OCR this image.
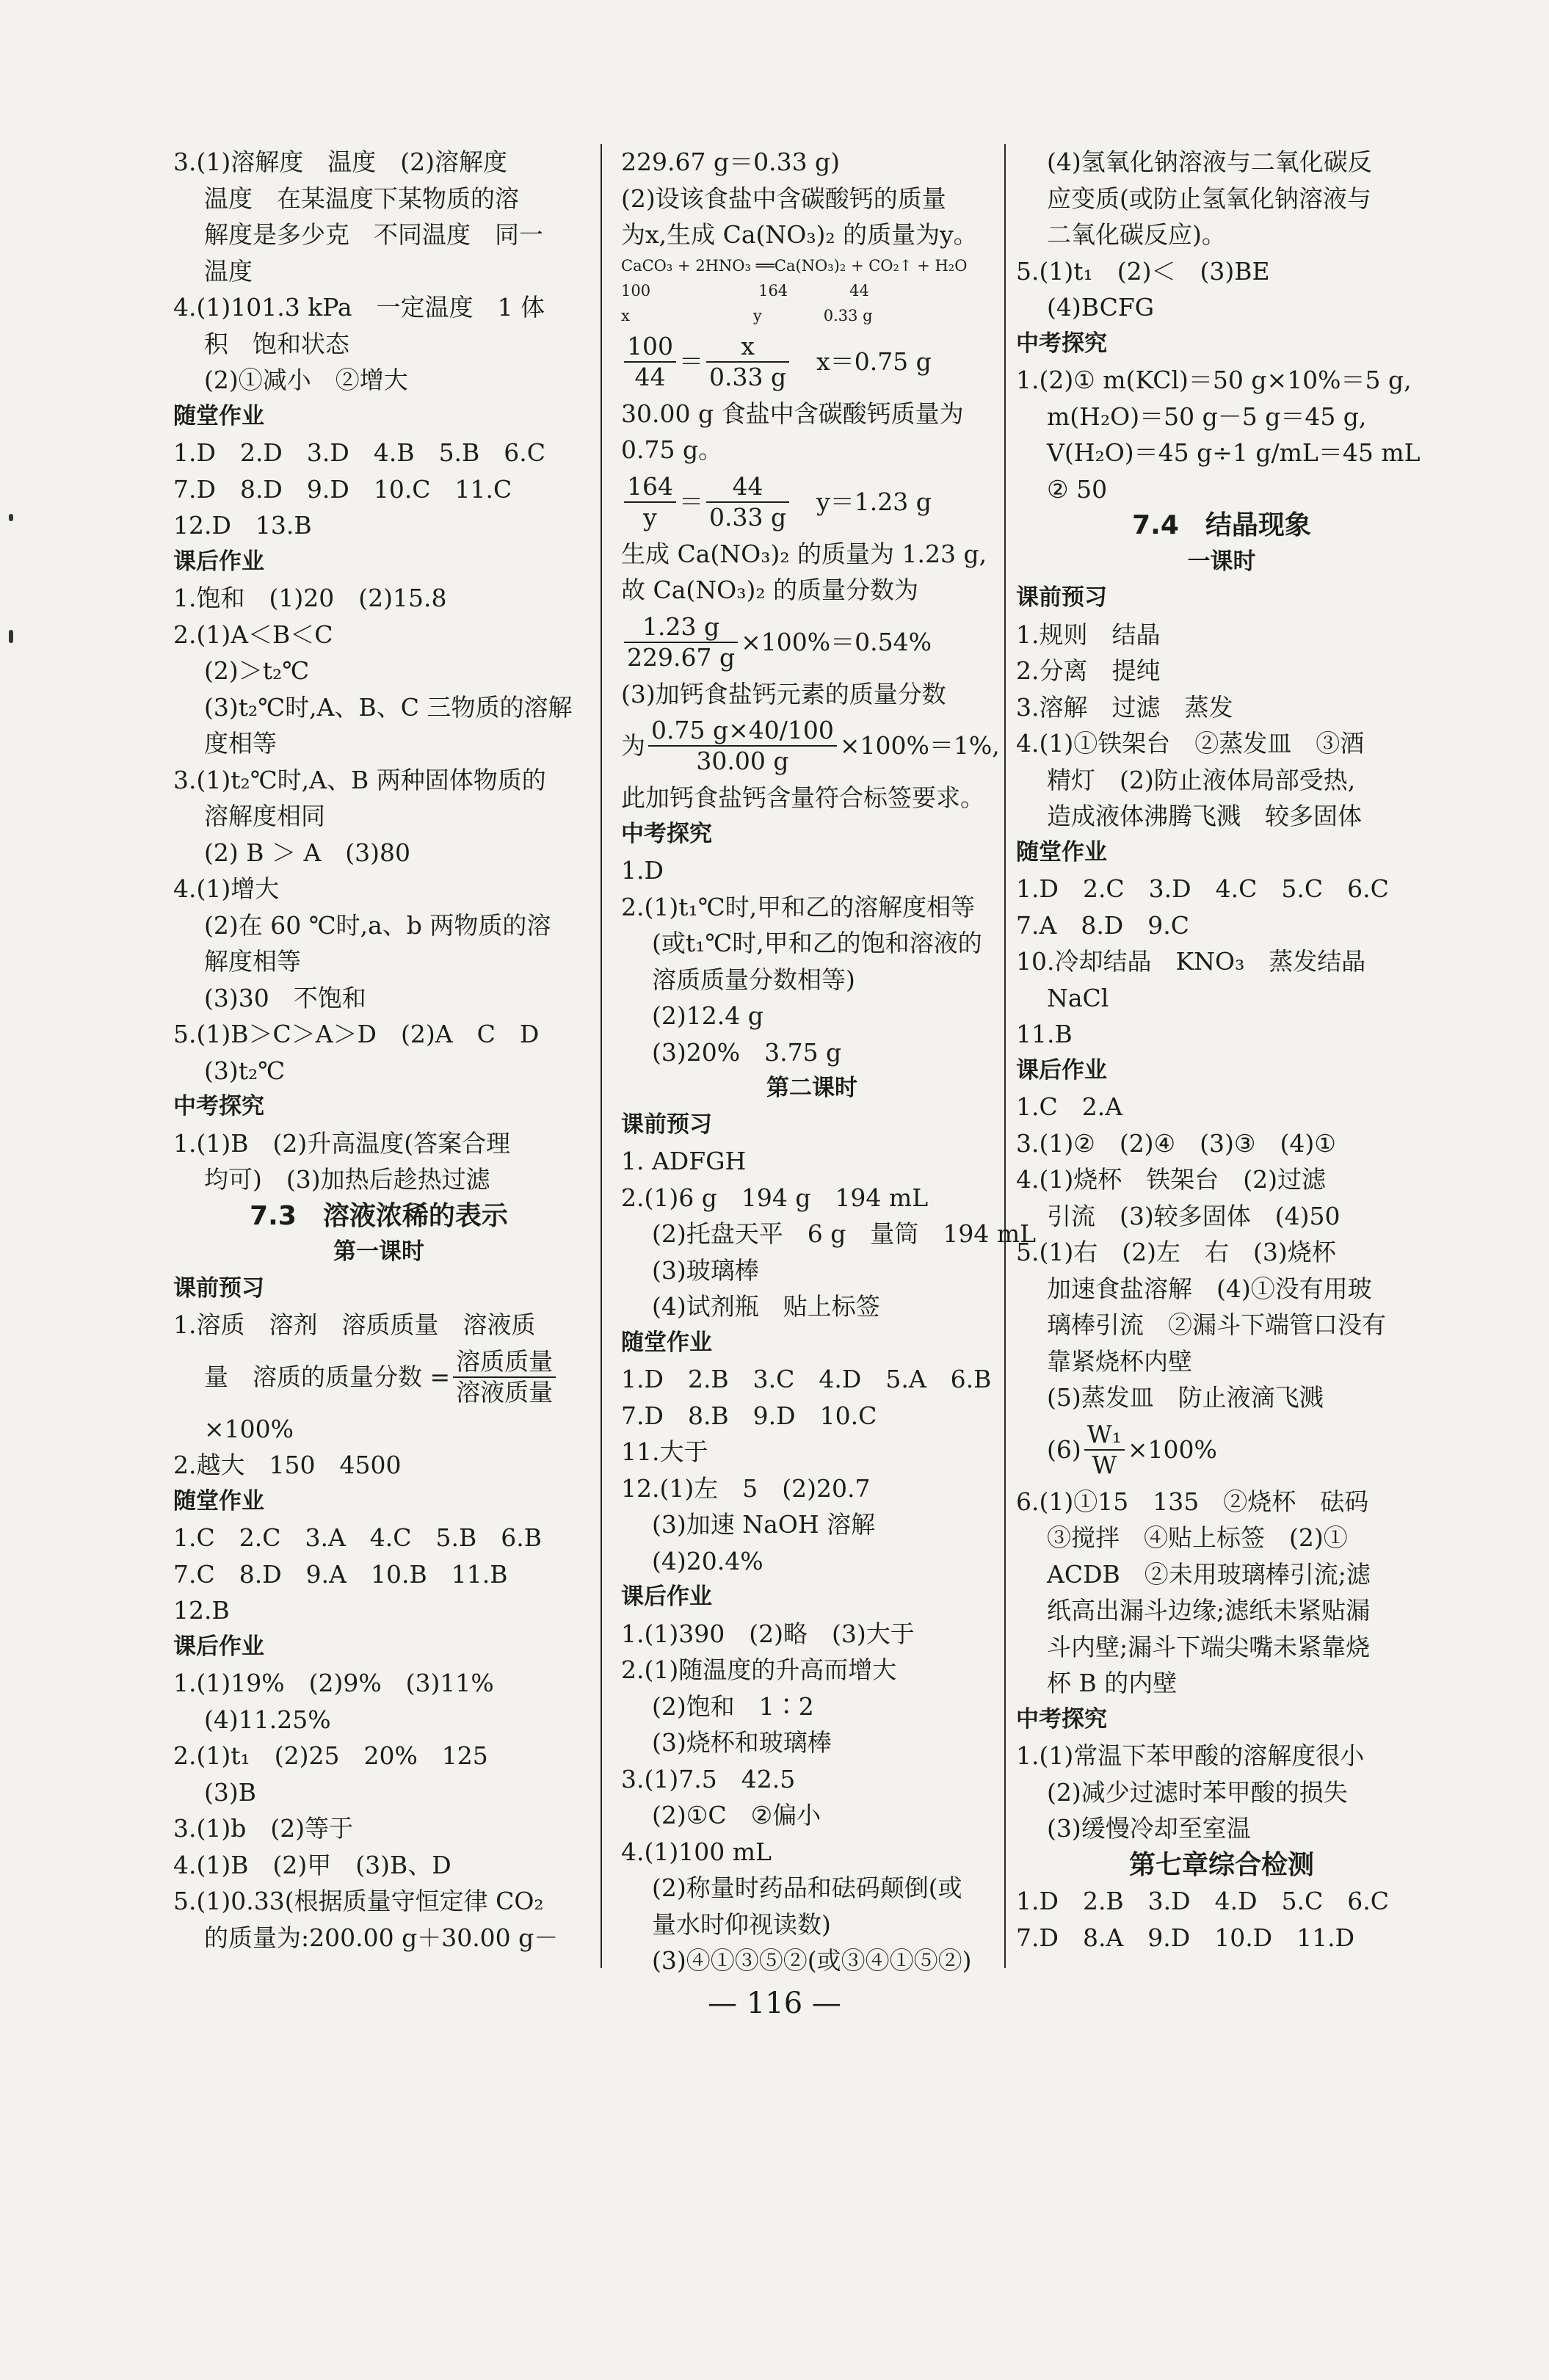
3.(1)溶解度　温度　(2)溶解度
温度　在某温度下某物质的溶
解度是多少克　不同温度　同一
温度
4.(1)101.3 kPa　一定温度　1 体
积　饱和状态
(2)①减小　②增大
随堂作业
1.D　2.D　3.D　4.B　5.B　6.C
7.D　8.D　9.D　10.C　11.C
12.D　13.B
课后作业
1.饱和　(1)20　(2)15.8
2.(1)A＜B＜C
(2)＞t₂℃
(3)t₂℃时,A、B、C 三物质的溶解
度相等
3.(1)t₂℃时,A、B 两种固体物质的
溶解度相同
(2) B ＞ A　(3)80
4.(1)增大
(2)在 60 ℃时,a、b 两物质的溶
解度相等
(3)30　不饱和
5.(1)B＞C＞A＞D　(2)A　C　D
(3)t₂℃
中考探究
1.(1)B　(2)升高温度(答案合理
均可)　(3)加热后趁热过滤
7.3　溶液浓稀的表示
第一课时
课前预习
1.溶质　溶剂　溶质质量　溶液质
量　溶质的质量分数 = $\frac{\text{溶质质量}}{\text{溶液质量}}$
×100%
2.越大　150　4500
随堂作业
1.C　2.C　3.A　4.C　5.B　6.B
7.C　8.D　9.A　10.B　11.B
12.B
课后作业
1.(1)19%　(2)9%　(3)11%
(4)11.25%
2.(1)t₁　(2)25　20%　125
(3)B
3.(1)b　(2)等于
4.(1)B　(2)甲　(3)B、D
5.(1)0.33(根据质量守恒定律 CO₂
的质量为:200.00 g＋30.00 g－
229.67 g＝0.33 g)
(2)设该食盐中含碳酸钙的质量
为x,生成 Ca(NO₃)₂ 的质量为y。
CaCO₃ + 2HNO₃ ══Ca(NO₃)₂ + CO₂↑ + H₂O
100　　　　　　　164　　　　44
x　　　　　　　　y　　　　0.33 g
$\frac{100}{44} = \frac{x}{0.33 g}$ 　x＝0.75 g
30.00 g 食盐中含碳酸钙质量为
0.75 g。
$\frac{164}{y} = \frac{44}{0.33 g}$ 　y＝1.23 g
生成 Ca(NO₃)₂ 的质量为 1.23 g,
故 Ca(NO₃)₂ 的质量分数为
$\frac{1.23 g}{229.67 g} \times 100\%=0.54\%$
(3)加钙食盐钙元素的质量分数
为 $\frac{0.75 g\times 40/100}{30.00 g} \times 100\%=1\%$,
此加钙食盐钙含量符合标签要求。
中考探究
1.D
2.(1)t₁℃时,甲和乙的溶解度相等
(或t₁℃时,甲和乙的饱和溶液的
溶质质量分数相等)
(2)12.4 g
(3)20%　3.75 g
第二课时
课前预习
1. ADFGH
2.(1)6 g　194 g　194 mL
(2)托盘天平　6 g　量筒　194 mL
(3)玻璃棒
(4)试剂瓶　贴上标签
随堂作业
1.D　2.B　3.C　4.D　5.A　6.B
7.D　8.B　9.D　10.C
11.大于
12.(1)左　5　(2)20.7
(3)加速 NaOH 溶解
(4)20.4%
课后作业
1.(1)390　(2)略　(3)大于
2.(1)随温度的升高而增大
(2)饱和　1∶2
(3)烧杯和玻璃棒
3.(1)7.5　42.5
(2)①C　②偏小
4.(1)100 mL
(2)称量时药品和砝码颠倒(或
量水时仰视读数)
(3)④①③⑤②(或③④①⑤②)
(4)氢氧化钠溶液与二氧化碳反
应变质(或防止氢氧化钠溶液与
二氧化碳反应)。
5.(1)t₁　(2)＜　(3)BE
(4)BCFG
中考探究
1.(2)① m(KCl)＝50 g×10%＝5 g,
m(H₂O)＝50 g－5 g＝45 g,
V(H₂O)＝45 g÷1 g/mL＝45 mL
② 50
7.4　结晶现象
一课时
课前预习
1.规则　结晶
2.分离　提纯
3.溶解　过滤　蒸发
4.(1)①铁架台　②蒸发皿　③酒
精灯　(2)防止液体局部受热,
造成液体沸腾飞溅　较多固体
随堂作业
1.D　2.C　3.D　4.C　5.C　6.C
7.A　8.D　9.C
10.冷却结晶　KNO₃　蒸发结晶
NaCl
11.B
课后作业
1.C　2.A
3.(1)②　(2)④　(3)③　(4)①
4.(1)烧杯　铁架台　(2)过滤
引流　(3)较多固体　(4)50
5.(1)右　(2)左　右　(3)烧杯
加速食盐溶解　(4)①没有用玻
璃棒引流　②漏斗下端管口没有
靠紧烧杯内壁
(5)蒸发皿　防止液滴飞溅
$(6) \frac{\text{W₁}}{W} \times 100\%$
6.(1)①15　135　②烧杯　砝码
③搅拌　④贴上标签　(2)①
ACDB　②未用玻璃棒引流;滤
纸高出漏斗边缘;滤纸未紧贴漏
斗内壁;漏斗下端尖嘴未紧靠烧
杯 B 的内壁
中考探究
1.(1)常温下苯甲酸的溶解度很小
(2)减少过滤时苯甲酸的损失
(3)缓慢冷却至室温
第七章综合检测
1.D　2.B　3.D　4.D　5.C　6.C
7.D　8.A　9.D　10.D　11.D
— 116 —
